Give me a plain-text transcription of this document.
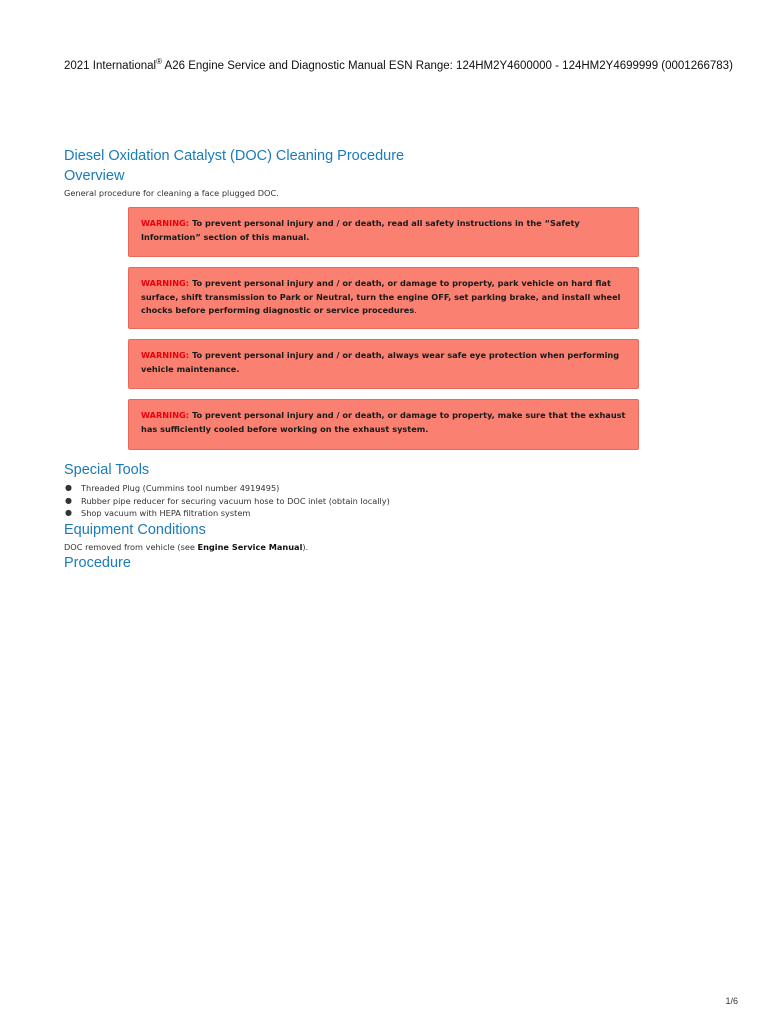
2021 International® A26 Engine Service and Diagnostic Manual ESN Range: 124HM2Y4600000 - 124HM2Y4699999 (0001266783)
Diesel Oxidation Catalyst (DOC) Cleaning Procedure
Overview

General procedure for cleaning a face plugged DOC.

WARNING: To prevent personal injury and / or death, read all safety instructions in the “Safety Information” section of this manual.
WARNING: To prevent personal injury and / or death, or damage to property, park vehicle on hard flat surface, shift transmission to Park or Neutral, turn the engine OFF, set parking brake, and install wheel chocks before performing diagnostic or service procedures.
WARNING: To prevent personal injury and / or death, always wear safe eye protection when performing vehicle maintenance.
WARNING: To prevent personal injury and / or death, or damage to property, make sure that the exhaust has sufficiently cooled before working on the exhaust system.
Special Tools
● Threaded Plug (Cummins tool number 4919495)
● Rubber pipe reducer for securing vacuum hose to DOC inlet (obtain locally)
● Shop vacuum with HEPA filtration system
Equipment Conditions

DOC removed from vehicle (see Engine Service Manual).

Procedure
1/6
